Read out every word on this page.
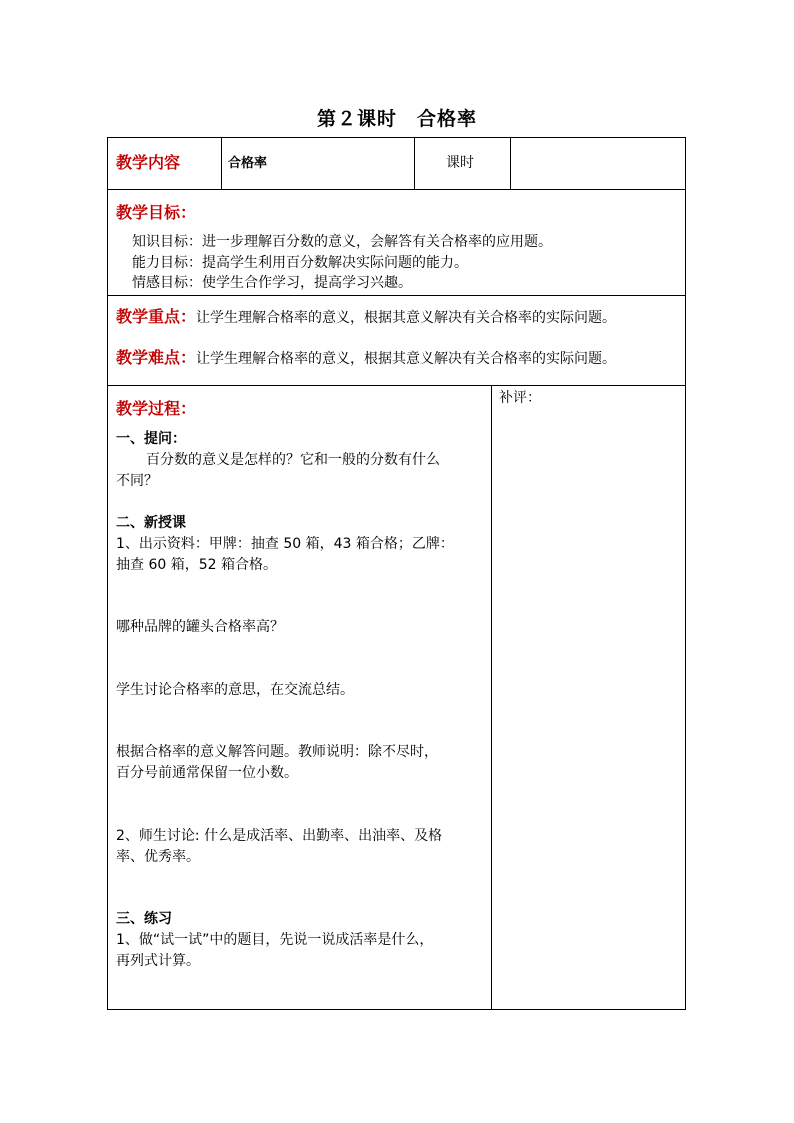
第２课时　合格率
教学内容	合格率	课时
教学目标：
知识目标：进一步理解百分数的意义，会解答有关合格率的应用题。
能力目标：提高学生利用百分数解决实际问题的能力。
情感目标：使学生合作学习，提高学习兴趣。
教学重点：让学生理解合格率的意义，根据其意义解决有关合格率的实际问题。
教学难点：让学生理解合格率的意义，根据其意义解决有关合格率的实际问题。
教学过程：
一、提问：
百分数的意义是怎样的？它和一般的分数有什么
不同？
二、新授课
1、出示资料：甲牌：抽查 50 箱，43 箱合格；乙牌：
抽查 60 箱，52 箱合格。
哪种品牌的罐头合格率高？
学生讨论合格率的意思，在交流总结。
根据合格率的意义解答问题。教师说明：除不尽时，
百分号前通常保留一位小数。
2、师生讨论: 什么是成活率、出勤率、出油率、及格
率、优秀率。
三、练习
1、做“试一试”中的题目，先说一说成活率是什么，
再列式计算。
补评：
